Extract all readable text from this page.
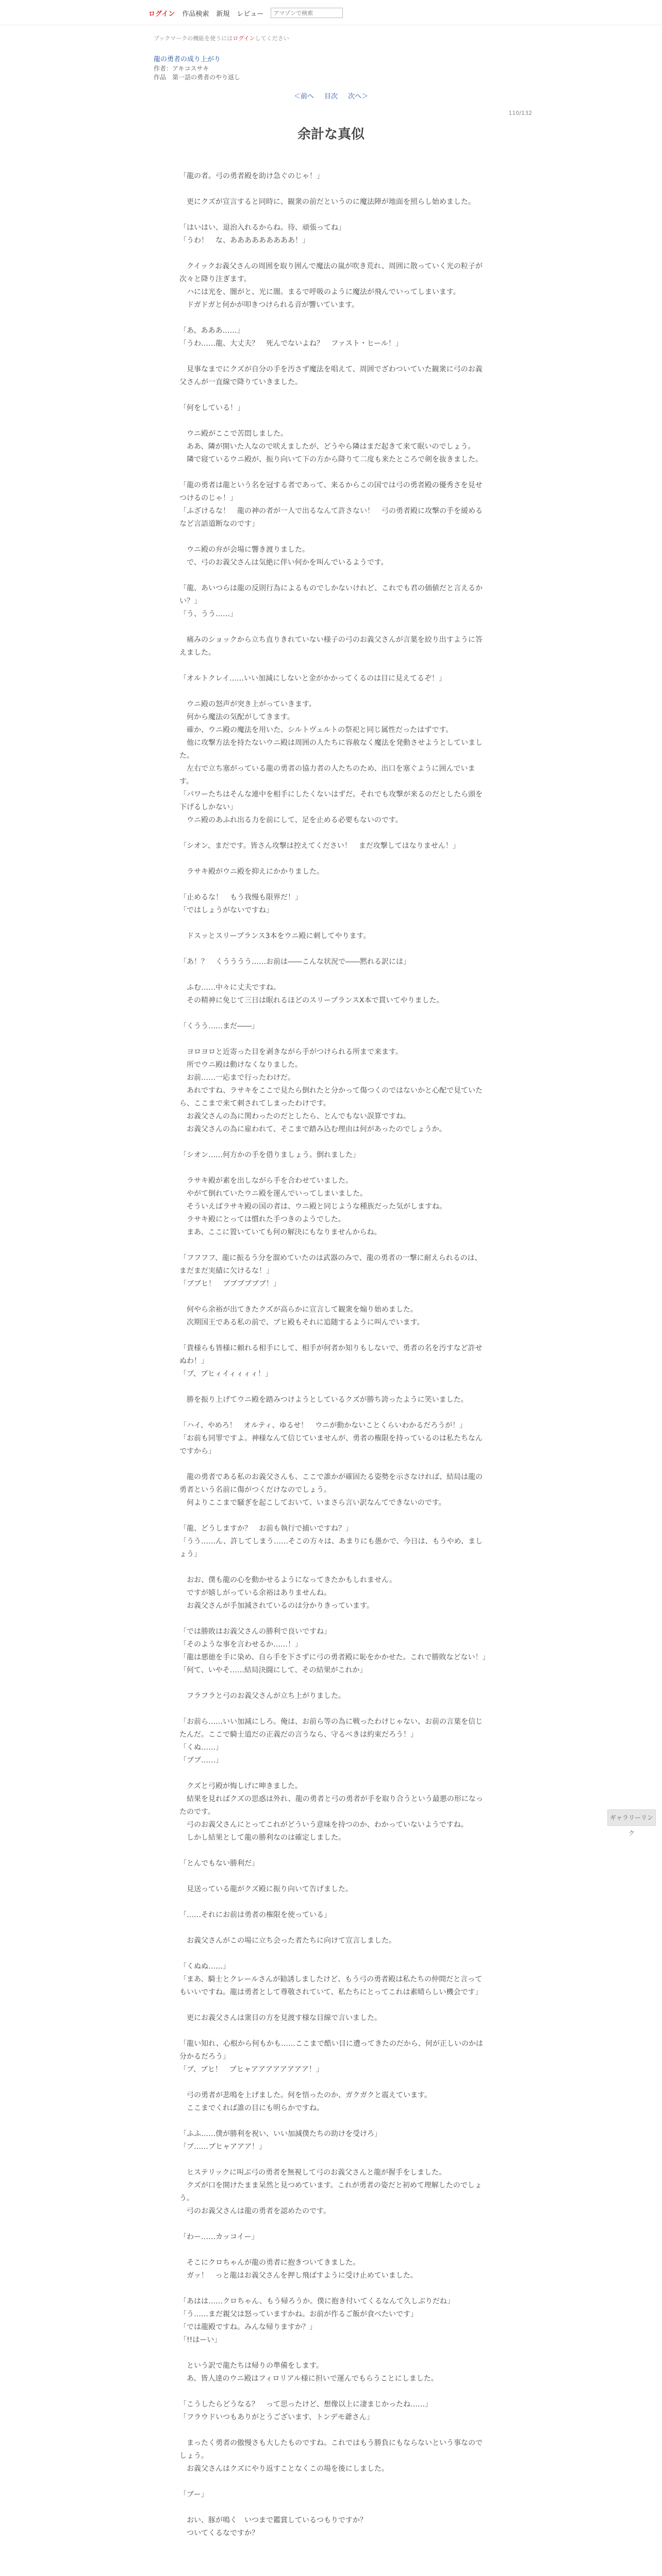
ログイン 作品検索 新規 レビュー
アマゾンで検索
ブックマークの機能を使うにはログインしてください
龍の勇者の成り上がり
作者：アキコスサキ
作品　第一話の勇者のやり返し
＜前へ 目次 次へ＞
110/132
余計な真似

「龍の者。弓の勇者殿を助け急ぐのじゃ！」

　更にクズが宣言すると同時に、観衆の前だというのに魔法陣が地面を照らし始めました。

「はいはい、退治入れるからね。待、頑張ってね」

「うわ！　な、あああああああああ！」

　クイックお義父さんの周囲を取り囲んで魔法の嵐が吹き荒れ、周囲に散っていく光の粒子が次々と降り注ぎます。

　ハには光を、闇がと、光に闇。まるで呼吸のように魔法が飛んでいってしまいます。

　ドガドガと何かが叩きつけられる音が響いています。

「あ、あああ……」

「うわ……龍、大丈夫？　死んでないよね？　ファスト・ヒール！」

　見事なまでにクズが自分の手を汚さず魔法を唱えて、周囲でざわついていた観衆に弓のお義父さんが一直線で降りていきました。

「何をしている！」

　ウニ殿がここで苦悶しました。

　ああ、隣が開いた人なので吠えましたが、どうやら隣はまだ起きて来て眠いのでしょう。

　隣で寝ているウニ殿が、振り向いて下の方から降りて二度も来たところで剣を抜きました。

「龍の勇者は龍という名を冠する者であって、来るからこの国では弓の勇者殿の優秀さを見せつけるのじゃ！」

「ふざけるな！　龍の神の者が一人で出るなんて許さない！　弓の勇者殿に攻撃の手を緩めるなど言語道断なのです」

　ウニ殿の弁が会場に響き渡りました。

　で、弓のお義父さんは気絶に伴い何かを叫んでいるようです。

「龍、あいつらは龍の反則行為によるものでしかないけれど、これでも君の価値だと言えるかい？」

「う、うう……」

　痛みのショックから立ち直りきれていない様子の弓のお義父さんが言葉を絞り出すように答えました。

「オルトクレイ……いい加減にしないと金がかかってくるのは目に見えてるぞ！」

　ウニ殿の怒声が突き上がっていきます。

　何から魔法の気配がしてきます。

　確か、ウニ殿の魔法を用いた、シルトヴェルトの祭祀と同じ属性だったはずです。

　他に攻撃方法を持たないウニ殿は周囲の人たちに容赦なく魔法を発動させようとしていました。

　左右で立ち塞がっている龍の勇者の協力者の人たちのため、出口を塞ぐように囲んでいます。

「パワーたちはそんな連中を相手にしたくないはずだ。それでも攻撃が来るのだとしたら頭を下げるしかない」

　ウニ殿のあふれ出る力を前にして、足を止める必要もないのです。

「シオン、まだです。皆さん攻撃は控えてください！　まだ攻撃してはなりません！」

　ラサキ殿がウニ殿を抑えにかかりました。

「止めるな！　もう我慢も限界だ！」

「ではしょうがないですね」

　ドスッとスリープランス3本をウニ殿に刺してやります。

「あ！？　くうううう……お前は――こんな状況で――黙れる訳には」

　ふむ……中々に丈夫ですね。

　その精神に免じて三日は眠れるほどのスリープランスX本で貫いてやりました。

「くうう……まだ――」

　ヨロヨロと近寄った目を剥きながら手がつけられる所まで来ます。

　所でウニ殿は動けなくなりました。

　お前……一応まで行ったわけだ。

　あれですね、ラサキをここで見たら倒れたと分かって傷つくのではないかと心配で見ていたら、ここまで来て刺されてしまったわけです。

　お義父さんの為に関わったのだとしたら、とんでもない誤算ですね。

　お義父さんの為に雇われて、そこまで踏み込む理由は何があったのでしょうか。

「シオン……何方かの手を借りましょう。倒れました」

　ラサキ殿が素を出しながら手を合わせていました。

　やがて倒れていたウニ殿を運んでいってしまいました。

　そういえばラサキ殿の国の者は、ウニ殿と同じような種族だった気がしますね。

　ラサキ殿にとっては慣れた手つきのようでした。

　まあ、ここに置いていても何の解決にもなりませんからね。

「フフフフ、龍に振るう分を溜めていたのは武器のみで、龍の勇者の一撃に耐えられるのは、まだまだ実績に欠けるな！」

「ブブヒ！　ブブブブブブ！」

　何やら余裕が出てきたクズが高らかに宣言して観衆を煽り始めました。

　次期国王である私の前で、ブヒ殿もそれに追随するように叫んでいます。

「貴様らも皆様に頼れる相手にして、相手が何者か知りもしないで、勇者の名を汚すなど許せぬわ！」

「ブ、ブヒィイィィィィ！」

　勝を振り上げてウニ殿を踏みつけようとしているクズが勝ち誇ったように笑いました。

「ハイ、やめろ！　オルティ、ゆるせ！　ウニが動かないことくらいわかるだろうが！」

「お前も同罪ですよ。神様なんて信じていませんが、勇者の権限を持っているのは私たちなんですから」

　龍の勇者である私のお義父さんも、ここで誰かが確固たる姿勢を示さなければ、結局は龍の勇者という名前に傷がつくだけなのでしょう。

　何よりここまで騒ぎを起こしておいて、いまさら言い訳なんてできないのです。

「龍、どうしますか？　お前も執行で捕いですね？」

「うう……ん、許してしまう……そこの方々は、あまりにも愚かで、今日は、もうやめ、ましょう」

　おお、僕も龍の心を動かせるようになってきたかもしれません。

　ですが嬉しがっている余裕はありませんね。

　お義父さんが手加減されているのは分かりきっています。

「では勝敗はお義父さんの勝利で良いですね」

「そのような事を言わせるか……！」

「龍は悪徳を手に染め、自ら手を下さずに弓の勇者殿に恥をかかせた。これで勝敗などない！」

「何て、いやそ……結局決闘にして、その結果がこれか」

　フラフラと弓のお義父さんが立ち上がりました。

「お前ら……いい加減にしろ。俺は、お前ら等の為に戦ったわけじゃない、お前の言葉を信じたんだ。ここで騎士道だの正義だの言うなら、守るべきは約束だろう！」

「くぬ……」

「ブブ……」

　クズと弓殿が悔しげに呻きました。

　結果を見ればクズの思惑は外れ、龍の勇者と弓の勇者が手を取り合うという最悪の形になったのです。

　弓のお義父さんにとってこれがどういう意味を持つのか、わかっていないようですね。

　しかし結果として龍の勝利なのは確定しました。

「とんでもない勝利だ」

　見送っている龍がクズ殿に振り向いて告げました。

「……それにお前は勇者の権限を使っている」

　お義父さんがこの場に立ち会った者たちに向けて宣言しました。

「くぬぬ……」

「まあ、騎士とクレールさんが勧誘しましたけど、もう弓の勇者殿は私たちの仲間だと言ってもいいですね。龍は勇者として尊敬されていて、私たちにとってこれは素晴らしい機会です」

　更にお義父さんは衆目の方を見渡す様な目線で言いました。

「龍い知れ、心根から何もかも……ここまで酷い目に遭ってきたのだから、何が正しいのかは分かるだろう」

「ブ、ブヒ！　ブヒャアアアアアアアア！」

　弓の勇者が悲鳴を上げました。何を悟ったのか、ガクガクと震えています。

　ここまでくれば誰の目にも明らかですね。

「ふふ……僕が勝利を祝い、いい加減僕たちの助けを受けろ」

「ブ……ブヒャアアア！」

　ヒステリックに叫ぶ弓の勇者を無視して弓のお義父さんと龍が握手をしました。

　クズが口を開けたまま呆然と見つめています。これが勇者の姿だと初めて理解したのでしょう。

　弓のお義父さんは龍の勇者を認めたのです。

「わー……カッコイー」

　そこにクロちゃんが龍の勇者に抱きついてきました。

　ガッ！　っと龍はお義父さんを押し飛ばすように受け止めていました。

「あはは……クロちゃん、もう帰ろうか。僕に抱き付いてくるなんて久しぶりだね」

「う……まだ親父は怒っていますかね。お前が作るご飯が食べたいです」

「では龍殿ですね。みんな帰りますか？」

「!!はーい」

　という訳で龍たちは帰りの準備をします。

　あ、皆人達のウニ殿はフィロリアル様に担いで運んでもらうことにしました。

「こうしたらどうなる？　って思ったけど、想像以上に凄まじかったね……」

「フラウドいつもありがとうございます、トンデモ爺さん」

　まったく勇者の傲慢さも大したものですね。これではもう勝負にもならないという事なのでしょう。

　お義父さんはクズにやり返すことなくこの場を後にしました。

「ブー」

　おい、豚が鳴く　いつまで鑑賞しているつもりですか？

　ついてくるなですか？

ギャラリーリンク
